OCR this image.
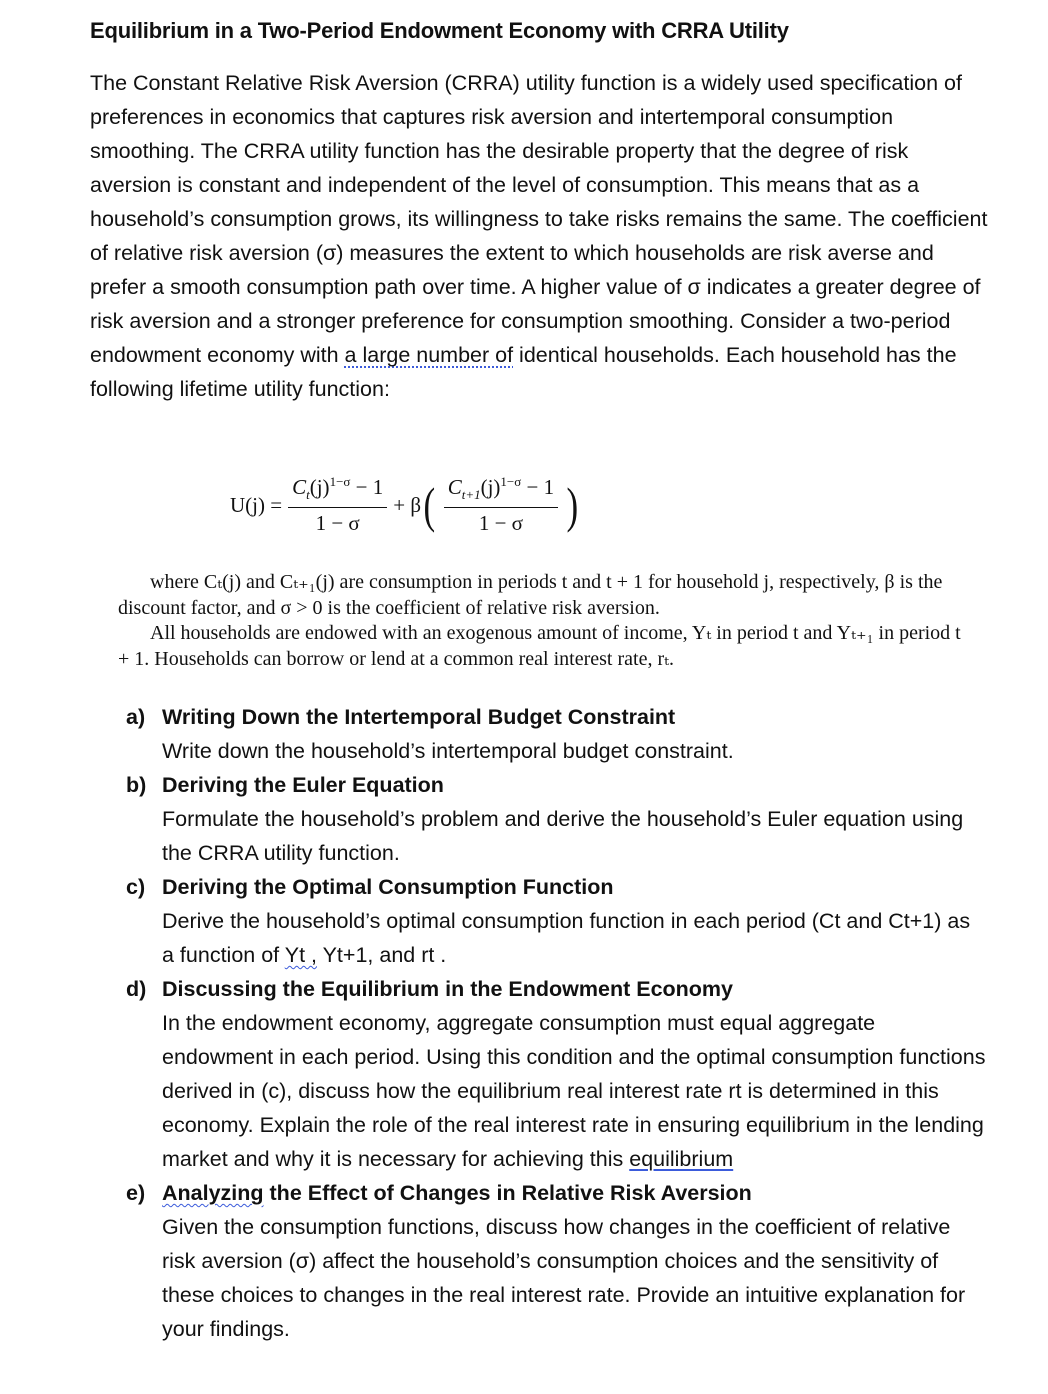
Equilibrium in a Two-Period Endowment Economy with CRRA Utility
The Constant Relative Risk Aversion (CRRA) utility function is a widely used specification of preferences in economics that captures risk aversion and intertemporal consumption smoothing. The CRRA utility function has the desirable property that the degree of risk aversion is constant and independent of the level of consumption. This means that as a household’s consumption grows, its willingness to take risks remains the same. The coefficient of relative risk aversion (σ) measures the extent to which households are risk averse and prefer a smooth consumption path over time. A higher value of σ indicates a greater degree of risk aversion and a stronger preference for consumption smoothing. Consider a two-period endowment economy with a large number of identical households. Each household has the following lifetime utility function:
$U(j) = \frac{C_t(j)^{1-\sigma} - 1}{1 - \sigma} + \beta$ ( $\frac{C_{t+1}(j)^{1-\sigma} - 1}{1 - \sigma}$ )

where Cₜ(j) and Cₜ₊₁(j) are consumption in periods t and t + 1 for household j, respectively, β is the discount factor, and σ > 0 is the coefficient of relative risk aversion.

All households are endowed with an exogenous amount of income, Yₜ in period t and Yₜ₊₁ in period t + 1. Households can borrow or lend at a common real interest rate, rₜ.

a) Writing Down the Intertemporal Budget Constraint
Write down the household’s intertemporal budget constraint.
b) Deriving the Euler Equation
Formulate the household’s problem and derive the household’s Euler equation using the CRRA utility function.
c) Deriving the Optimal Consumption Function
Derive the household’s optimal consumption function in each period (Ct and Ct+1) as a function of Yt , Yt+1, and rt .
d) Discussing the Equilibrium in the Endowment Economy
In the endowment economy, aggregate consumption must equal aggregate endowment in each period. Using this condition and the optimal consumption functions derived in (c), discuss how the equilibrium real interest rate rt is determined in this economy. Explain the role of the real interest rate in ensuring equilibrium in the lending market and why it is necessary for achieving this equilibrium
e) Analyzing the Effect of Changes in Relative Risk Aversion
Given the consumption functions, discuss how changes in the coefficient of relative risk aversion (σ) affect the household’s consumption choices and the sensitivity of these choices to changes in the real interest rate. Provide an intuitive explanation for your findings.
